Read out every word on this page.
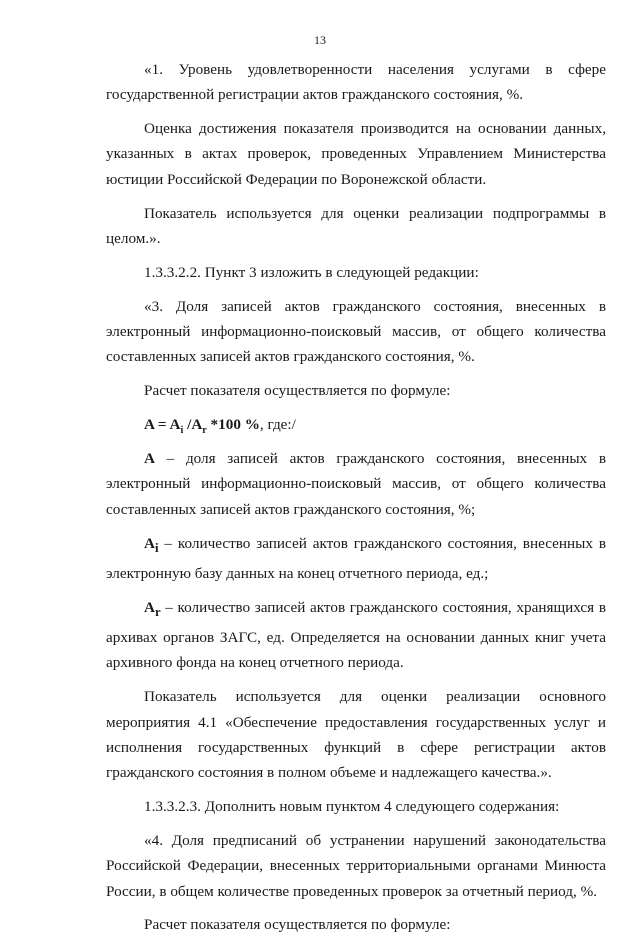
13

«1. Уровень удовлетворенности населения услугами в сфере государственной регистрации актов гражданского состояния, %.

Оценка достижения показателя производится на основании данных, указанных в актах проверок, проведенных Управлением Министерства юстиции Российской Федерации по Воронежской области.

Показатель используется для оценки реализации подпрограммы в целом.».

1.3.3.2.2. Пункт 3 изложить в следующей редакции:

«3. Доля записей актов гражданского состояния, внесенных в электронный информационно-поисковый массив, от общего количества составленных записей актов гражданского состояния, %.

Расчет показателя осуществляется по формуле:

$A = A_i$ $/A_r$ *100 %, где:/

A – доля записей актов гражданского состояния, внесенных в электронный информационно-поисковый массив, от общего количества составленных записей актов гражданского состояния, %;

$A_i$ – количество записей актов гражданского состояния, внесенных в электронную базу данных на конец отчетного периода, ед.;

$A_r$ – количество записей актов гражданского состояния, хранящихся в архивах органов ЗАГС, ед. Определяется на основании данных книг учета архивного фонда на конец отчетного периода.

Показатель используется для оценки реализации основного мероприятия 4.1 «Обеспечение предоставления государственных услуг и исполнения государственных функций в сфере регистрации актов гражданского состояния в полном объеме и надлежащего качества.».

1.3.3.2.3. Дополнить новым пунктом 4 следующего содержания:

«4. Доля предписаний об устранении нарушений законодательства Российской Федерации, внесенных территориальными органами Минюста России, в общем количестве проведенных проверок за отчетный период, %.

Расчет показателя осуществляется по формуле:
